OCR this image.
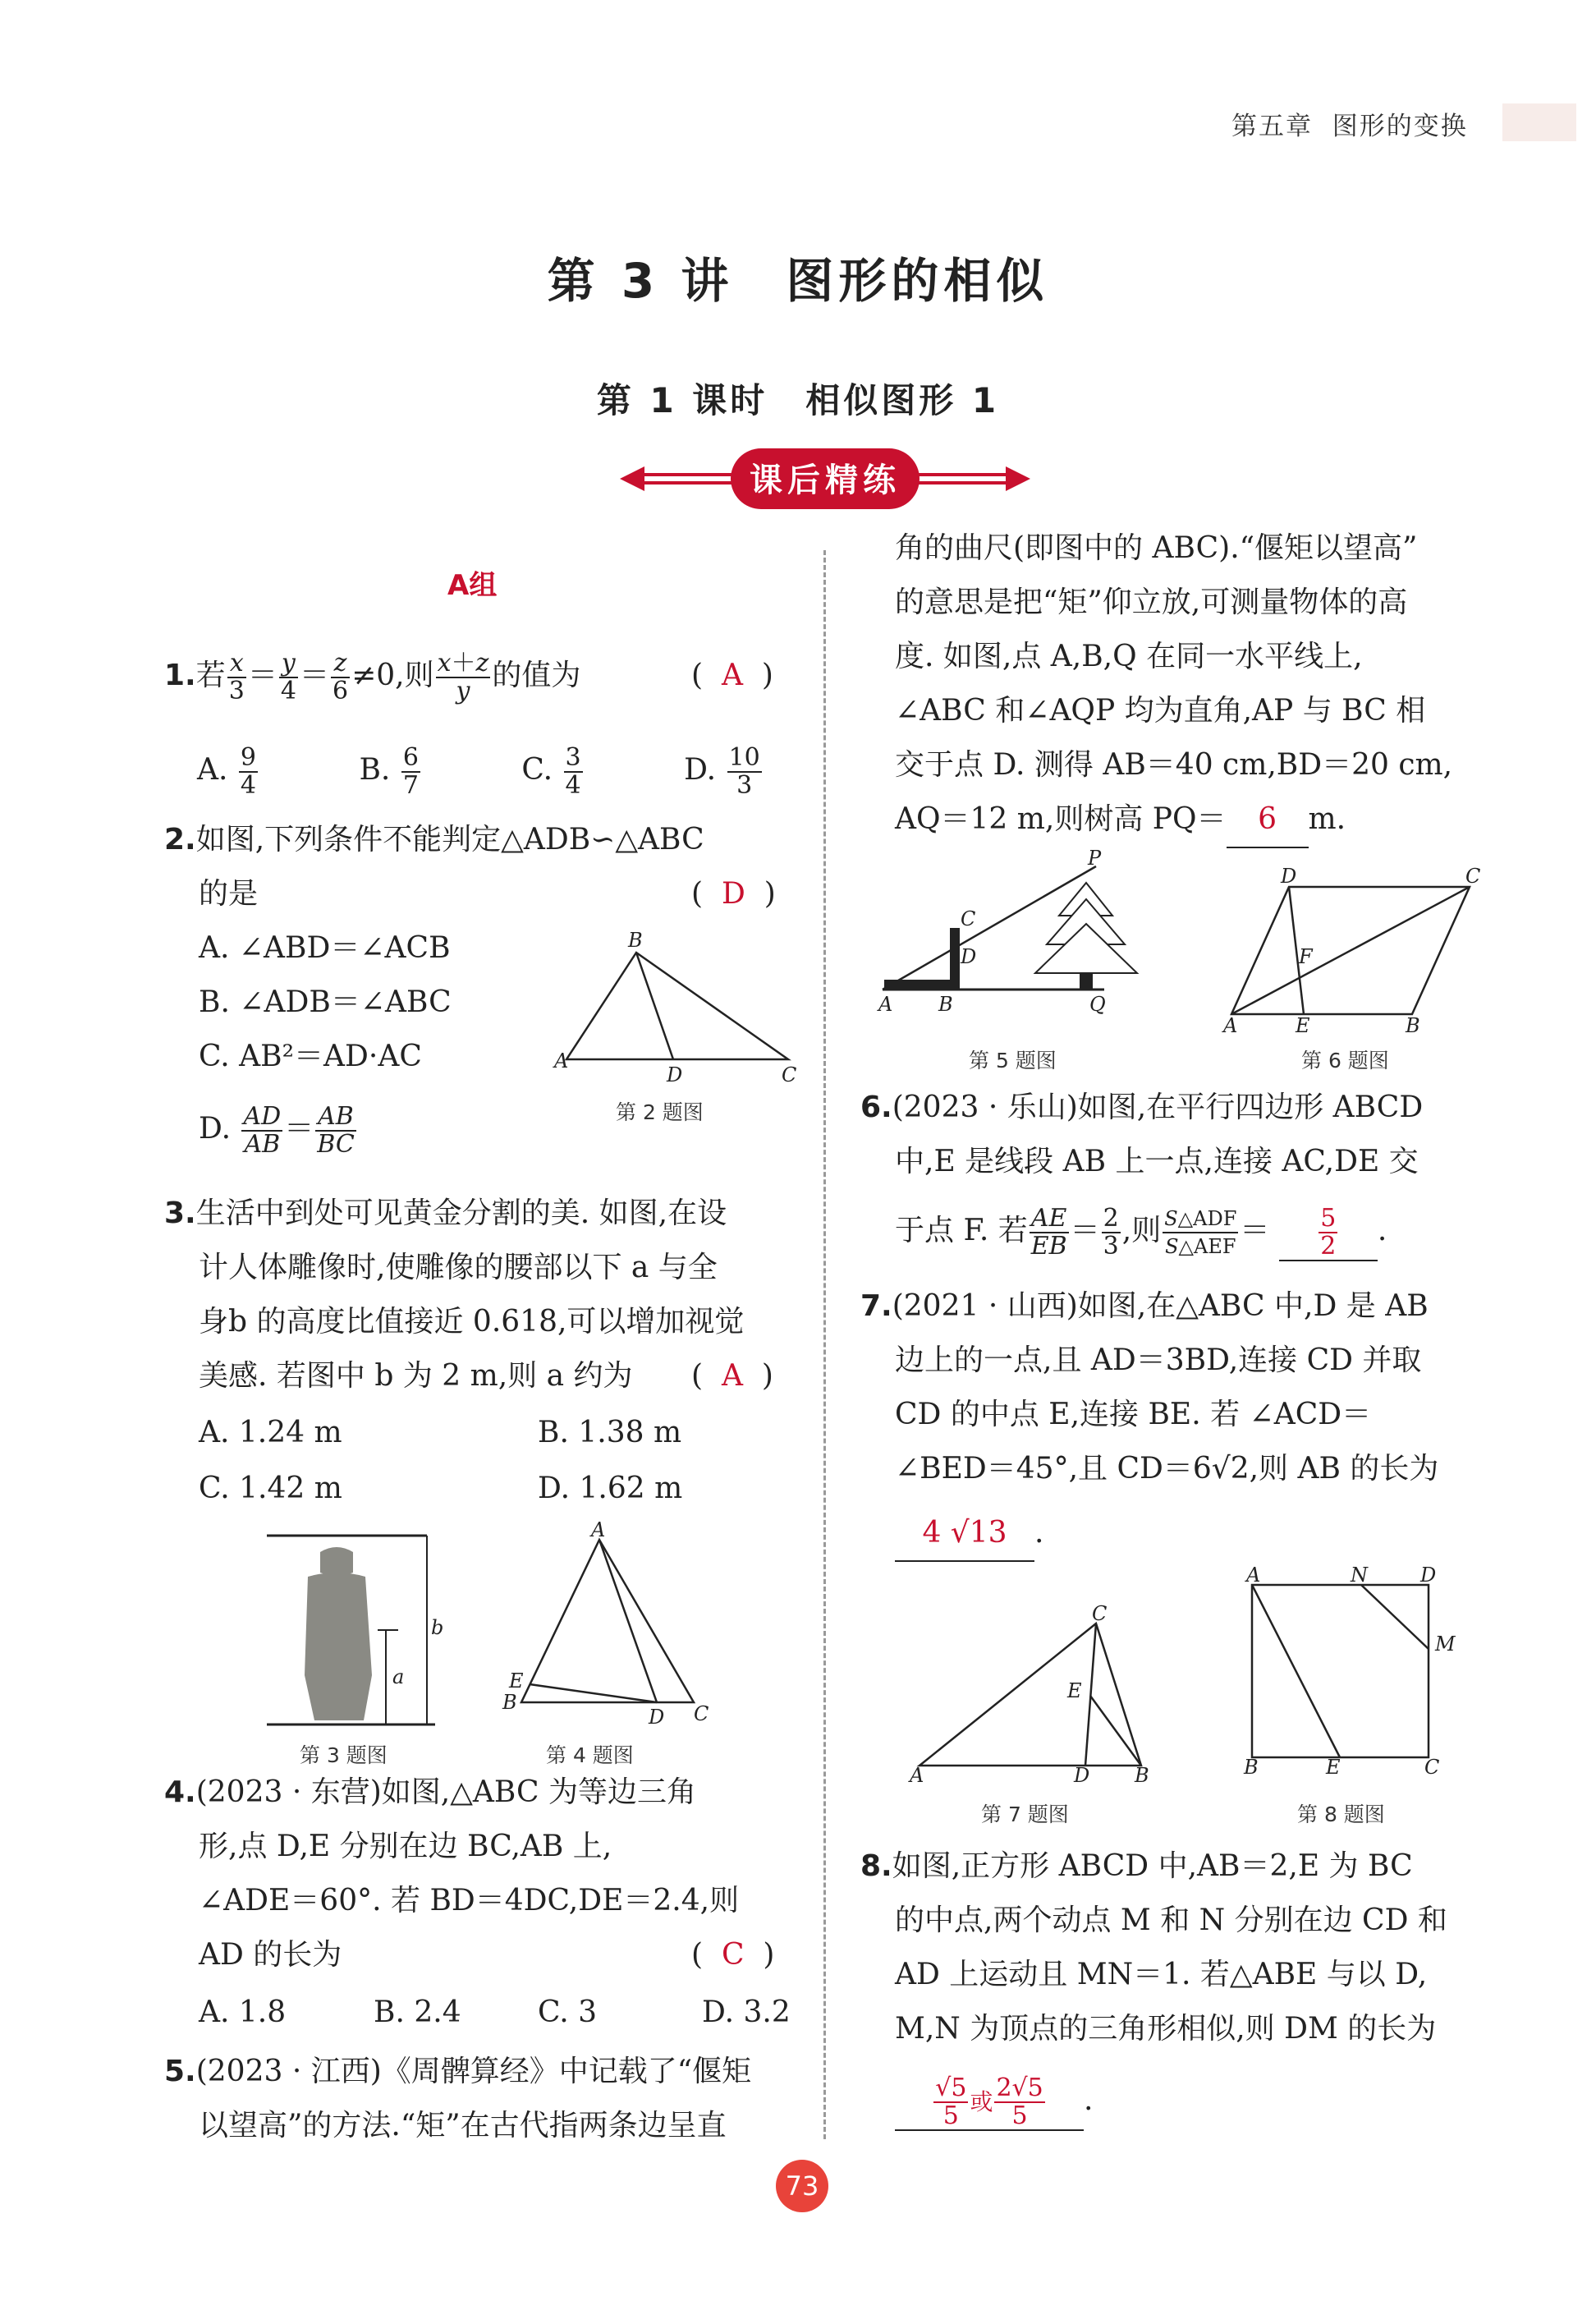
第五章 图形的变换
第 3 讲　图形的相似
第 1 课时　相似图形 1
课后精练
A组
1.若 $\frac{x}{3} = \frac{y}{4} = \frac{z}{6} \ne 0$,则 $\frac{x+z}{y}$ 的值为	(  A  )
A. $\frac{9}{4}$	B. $\frac{6}{7}$	C. $\frac{3}{4}$	D. $\frac{10}{3}$
2.如图,下列条件不能判定△ADB∽△ABC
的是	(  D  )
A. ∠ABD＝∠ACB
B. ∠ADB＝∠ABC
C. AB²＝AD·AC
D. $\frac{AD}{AB} = \frac{AB}{BC}$
B
A
D	C
第 2 题图
3.生活中到处可见黄金分割的美. 如图,在设
计人体雕像时,使雕像的腰部以下 a 与全
身b 的高度比值接近 0.618,可以增加视觉
美感. 若图中 b 为 2 m,则 a 约为 (  A  )
A. 1.24 m	B. 1.38 m
C. 1.42 m	D. 1.62 m
b
a
第 3 题图
A
B
E
D C
第 4 题图
4.(2023 · 东营)如图,△ABC 为等边三角
形,点 D,E 分别在边 BC,AB 上,
∠ADE＝60°. 若 BD＝4DC,DE＝2.4,则
AD 的长为	(  C  )
A. 1.8	B. 2.4	C. 3	D. 3.2
5.(2023 · 江西)《周髀算经》中记载了“偃矩
以望高”的方法.“矩”在古代指两条边呈直
角的曲尺(即图中的 ABC).“偃矩以望高”
的意思是把“矩”仰立放,可测量物体的高
度. 如图,点 A,B,Q 在同一水平线上,
∠ABC 和∠AQP 均为直角,AP 与 BC 相
交于点 D. 测得 AB＝40 cm,BD＝20 cm,
AQ＝12 m,则树高 PQ＝ 6 m.
P
C
D
A B	Q
第 5 题图
D	C
F
A	E	B
第 6 题图
6.(2023 · 乐山)如图,在平行四边形 ABCD
中,E 是线段 AB 上一点,连接 AC,DE 交
于点 F. 若 $\frac{AE}{EB} = \frac{2}{3}$ ,则 $\frac{\text{S△ADF}}{\text{S△AEF}} = \frac{5}{2}$ .
7.(2021 · 山西)如图,在△ABC 中,D 是 AB
边上的一点,且 AD＝3BD,连接 CD 并取
CD 的中点 E,连接 BE. 若 ∠ACD＝
∠BED＝45°,且 CD＝6√2,则 AB 的长为
4 √13 .
C
E
A	D B
第 7 题图
A	N	D
M
B	E	C
第 8 题图
8.如图,正方形 ABCD 中,AB＝2,E 为 BC
的中点,两个动点 M 和 N 分别在边 CD 和
AD 上运动且 MN＝1. 若△ABE 与以 D,
M,N 为顶点的三角形相似,则 DM 的长为
$\frac{√5}{5}$ 或 $\frac{2√5}{5}$ .
73
